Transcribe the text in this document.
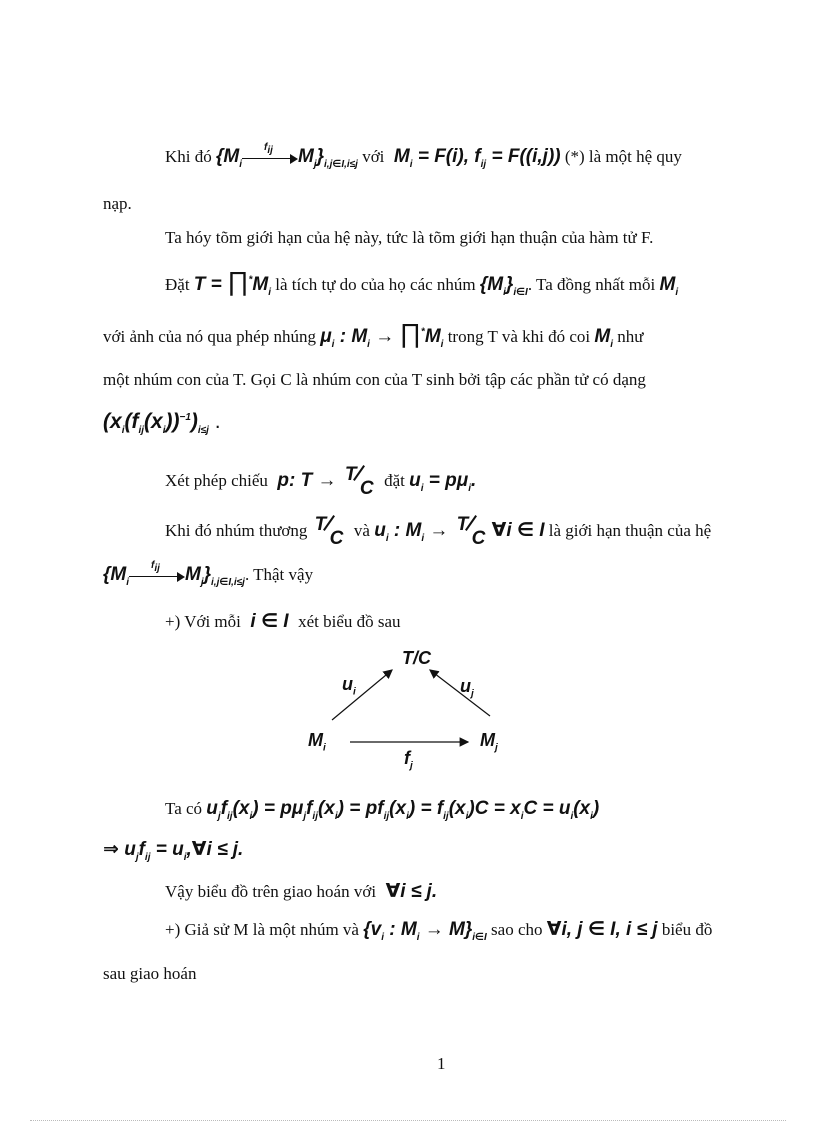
Khi đó {$M_i$
$f_{ij}$ $M_j\}_{i,j\in I,i\le j}$ với  $M_i = F(i)$, $f_{ij} = F((i,j))$ (*) là một hệ quy
nạp.
Ta hóy tõm giới hạn của hệ này, tức là tõm giới hạn thuận của hàm tử F.
Đặt $T = \prod^*M_i$ là tích tự do của họ các nhúm $\{M_i\}_{i\in I}$. Ta đồng nhất mỗi $M_i$
với ảnh của nó qua phép nhúng $\mu_i$ : $M_i$ → $\prod^*M_i$ trong T và khi đó coi $M_i$ như
một nhúm con của T. Gọi C là nhúm con của T sinh bởi tập các phần tử có dạng
$(x_i(f_{ij}(x_i))^{-1})_{i\le j}$ .
Xét phép chiếu  p: T → T
C đặt $u_i = p\mu_i$.
Khi đó nhúm thương T
C và $u_i$ : $M_i \to T$
C ∀i ∈ I là giới hạn thuận của hệ
{$M_i$
$f_{ij}$ $M_j\}_{i,j\in I,i\le j}$. Thật vậy
+) Với mỗi  i ∈ I  xét biểu đồ sau
T/C
$M_i$	$M_j$
$u_i$	$u_j$
$f_j$
Ta có $u_jf_{ij}(x_i) = p\mu_jf_{ij}(x_i) = pf_{ij}(x_i) = f_{ij}(x_i)C = x_iC = u_i(x_i)$
⇒ $u_jf_{ij}$ = $u_i,\forall i \le j$.
Vậy biểu đồ trên giao hoán với  ∀i ≤ j.
+) Giả sử M là một nhúm và {$v_i$ : $M_i \to M\}_{i\in I}$ sao cho ∀i, j ∈ I, i ≤ j biểu đồ
sau giao hoán
1
